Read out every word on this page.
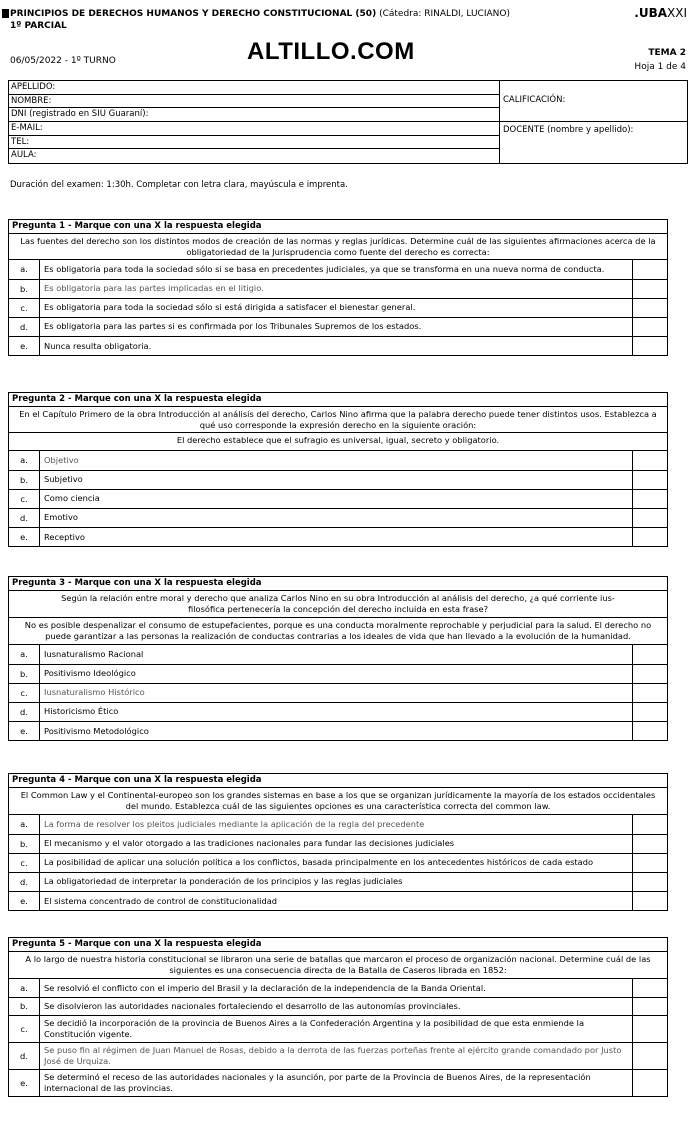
PRINCIPIOS DE DERECHOS HUMANOS Y DERECHO CONSTITUCIONAL (50) (Cátedra: RINALDI, LUCIANO)
1º PARCIAL
.UBAXXI
06/05/2022 - 1º TURNO	ALTILLO.COM	TEMA 2
Hoja 1 de 4
APELLIDO:
NOMBRE:
DNI (registrado en SIU Guaraní):
E-MAIL:
TEL:
AULA:
CALIFICACIÓN:
DOCENTE (nombre y apellido):
Duración del examen: 1:30h. Completar con letra clara, mayúscula e imprenta.
Pregunta 1 - Marque con una X la respuesta elegida
Las fuentes del derecho son los distintos modos de creación de las normas y reglas jurídicas. Determine cuál de las siguientes afirmaciones acerca de la obligatoriedad de la Jurisprudencia como fuente del derecho es correcta:
a.	Es obligatoria para toda la sociedad sólo si se basa en precedentes judiciales, ya que se transforma en una nueva norma de conducta.	
b.	Es obligatoria para las partes implicadas en el litigio.	
c.	Es obligatoria para toda la sociedad sólo si está dirigida a satisfacer el bienestar general.	
d.	Es obligatoria para las partes si es confirmada por los Tribunales Supremos de los estados.	
e.	Nunca resulta obligatoria.	
Pregunta 2 - Marque con una X la respuesta elegida
En el Capítulo Primero de la obra Introducción al análisis del derecho, Carlos Nino afirma que la palabra derecho puede tener distintos usos. Establezca a qué uso corresponde la expresión derecho en la siguiente oración:
El derecho establece que el sufragio es universal, igual, secreto y obligatorio.
a.	Objetivo	
b.	Subjetivo	
c.	Como ciencia	
d.	Emotivo	
e.	Receptivo	
Pregunta 3 - Marque con una X la respuesta elegida
Según la relación entre moral y derecho que analiza Carlos Nino en su obra Introducción al análisis del derecho, ¿a qué corriente ius-filosófica pertenecería la concepción del derecho incluida en esta frase?
No es posible despenalizar el consumo de estupefacientes, porque es una conducta moralmente reprochable y perjudicial para la salud. El derecho no puede garantizar a las personas la realización de conductas contrarias a los ideales de vida que han llevado a la evolución de la humanidad.
a.	Iusnaturalismo Racional	
b.	Positivismo Ideológico	
c.	Iusnaturalismo Histórico	
d.	Historicismo Ético	
e.	Positivismo Metodológico	
Pregunta 4 - Marque con una X la respuesta elegida
El Common Law y el Continental-europeo son los grandes sistemas en base a los que se organizan jurídicamente la mayoría de los estados occidentales del mundo. Establezca cuál de las siguientes opciones es una característica correcta del common law.
a.	La forma de resolver los pleitos judiciales mediante la aplicación de la regla del precedente	
b.	El mecanismo y el valor otorgado a las tradiciones nacionales para fundar las decisiones judiciales	
c.	La posibilidad de aplicar una solución política a los conflictos, basada principalmente en los antecedentes históricos de cada estado	
d.	La obligatoriedad de interpretar la ponderación de los principios y las reglas judiciales	
e.	El sistema concentrado de control de constitucionalidad	
Pregunta 5 - Marque con una X la respuesta elegida
A lo largo de nuestra historia constitucional se libraron una serie de batallas que marcaron el proceso de organización nacional. Determine cuál de las siguientes es una consecuencia directa de la Batalla de Caseros librada en 1852:
a.	Se resolvió el conflicto con el imperio del Brasil y la declaración de la independencia de la Banda Oriental.	
b.	Se disolvieron las autoridades nacionales fortaleciendo el desarrollo de las autonomías provinciales.	
c.	Se decidió la incorporación de la provincia de Buenos Aires a la Confederación Argentina y la posibilidad de que esta enmiende la Constitución vigente.	
d.	Se puso fin al régimen de Juan Manuel de Rosas, debido a la derrota de las fuerzas porteñas frente al ejército grande comandado por Justo José de Urquiza.	
e.	Se determinó el receso de las autoridades nacionales y la asunción, por parte de la Provincia de Buenos Aires, de la representación internacional de las provincias.	
